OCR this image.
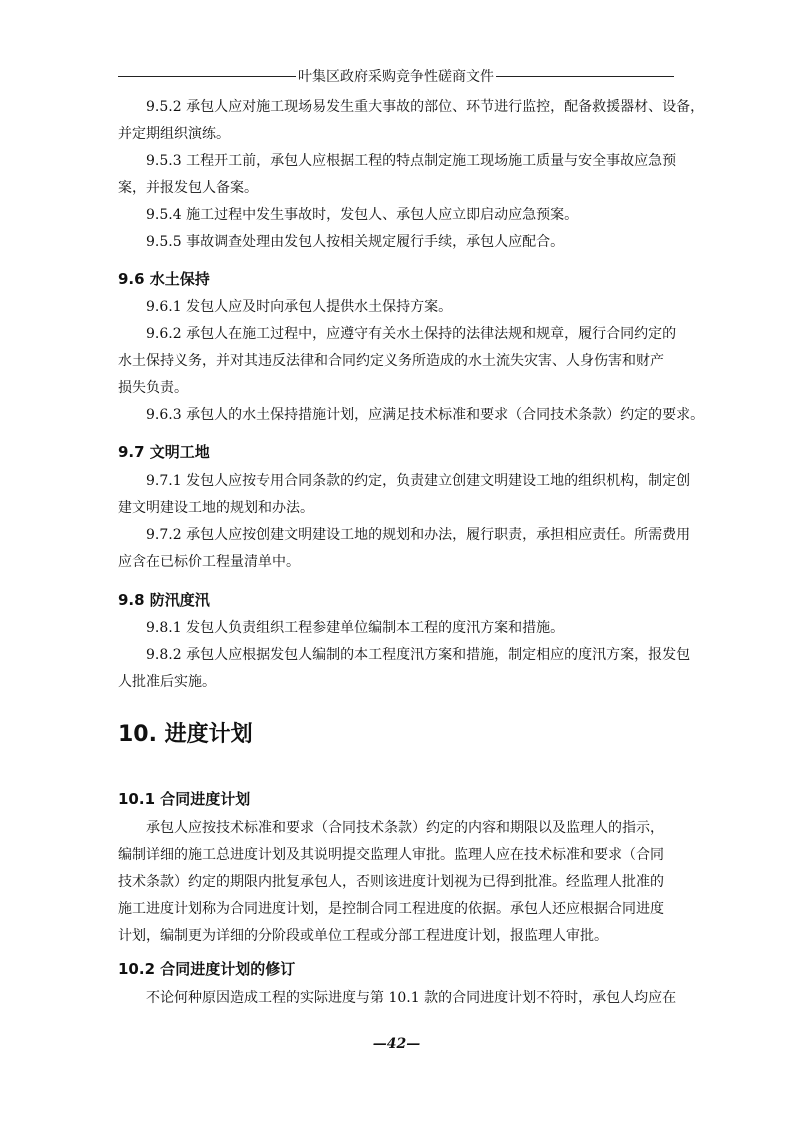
叶集区政府采购竞争性磋商文件

9.5.2 承包人应对施工现场易发生重大事故的部位、环节进行监控，配备救援器材、设备，
并定期组织演练。

9.5.3 工程开工前，承包人应根据工程的特点制定施工现场施工质量与安全事故应急预
案，并报发包人备案。

9.5.4 施工过程中发生事故时，发包人、承包人应立即启动应急预案。

9.5.5 事故调查处理由发包人按相关规定履行手续，承包人应配合。

9.6 水土保持

9.6.1 发包人应及时向承包人提供水土保持方案。

9.6.2 承包人在施工过程中，应遵守有关水土保持的法律法规和规章，履行合同约定的
水土保持义务，并对其违反法律和合同约定义务所造成的水土流失灾害、人身伤害和财产
损失负责。

9.6.3 承包人的水土保持措施计划，应满足技术标准和要求（合同技术条款）约定的要求。

9.7 文明工地

9.7.1 发包人应按专用合同条款的约定，负责建立创建文明建设工地的组织机构，制定创
建文明建设工地的规划和办法。

9.7.2 承包人应按创建文明建设工地的规划和办法，履行职责，承担相应责任。所需费用
应含在已标价工程量清单中。

9.8 防汛度汛

9.8.1 发包人负责组织工程参建单位编制本工程的度汛方案和措施。

9.8.2 承包人应根据发包人编制的本工程度汛方案和措施，制定相应的度汛方案，报发包
人批准后实施。

10. 进度计划
10.1 合同进度计划

承包人应按技术标准和要求（合同技术条款）约定的内容和期限以及监理人的指示，
编制详细的施工总进度计划及其说明提交监理人审批。监理人应在技术标准和要求（合同
技术条款）约定的期限内批复承包人，否则该进度计划视为已得到批准。经监理人批准的
施工进度计划称为合同进度计划，是控制合同工程进度的依据。承包人还应根据合同进度
计划，编制更为详细的分阶段或单位工程或分部工程进度计划，报监理人审批。

10.2 合同进度计划的修订

不论何种原因造成工程的实际进度与第 10.1 款的合同进度计划不符时，承包人均应在

—42—
